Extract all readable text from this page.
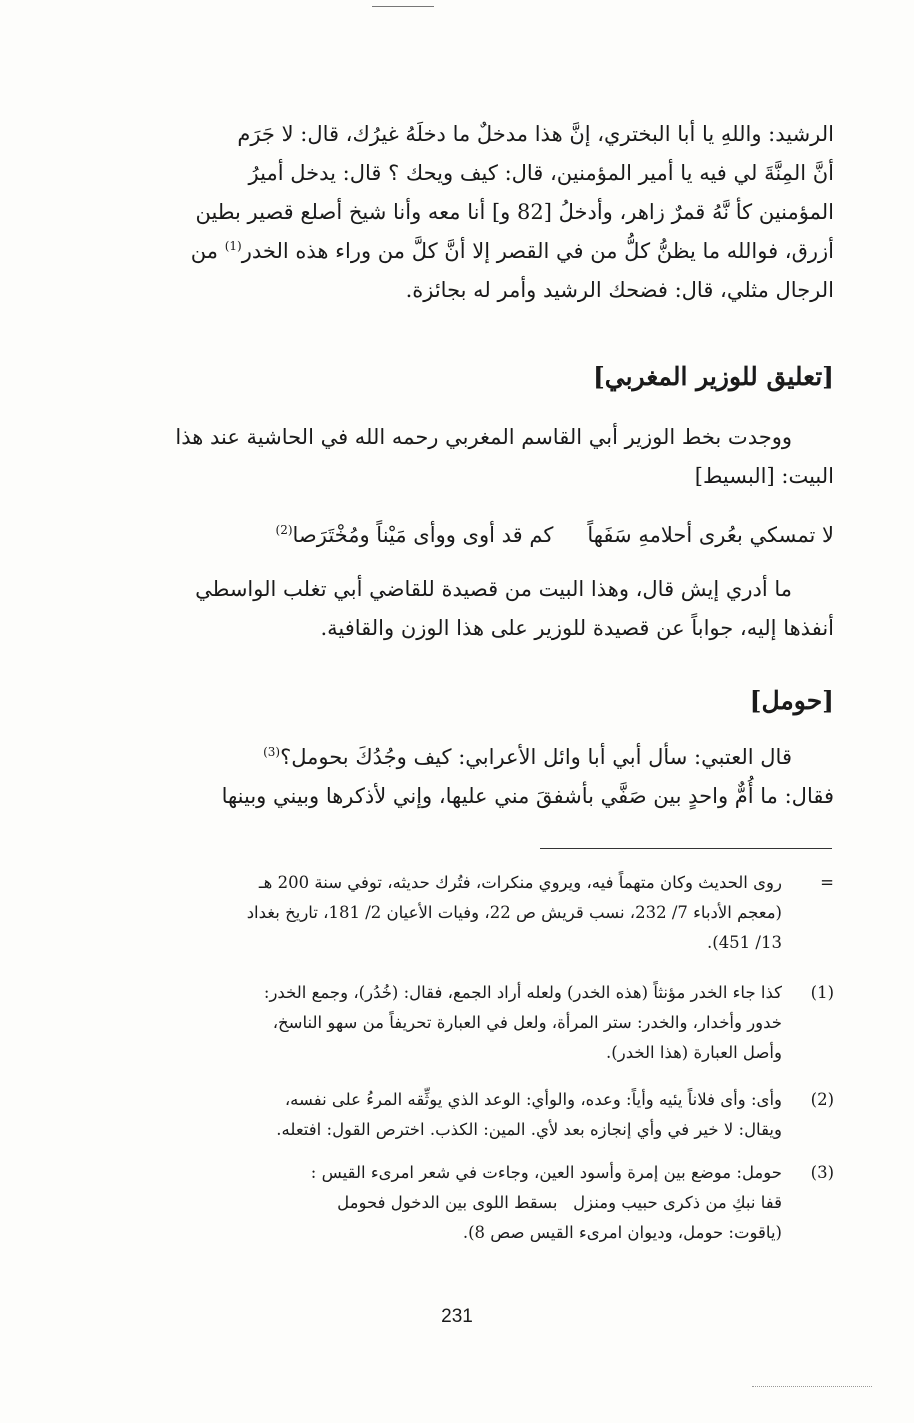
الرشيد: واللهِ يا أبا البختري، إنَّ هذا مدخلٌ ما دخلَهُ غيرُك، قال: لا جَرَم
أنَّ المِنَّةَ لي فيه يا أمير المؤمنين، قال: كيف ويحك ؟ قال: يدخل أميرُ
المؤمنين كأ نَّهُ قمرٌ زاهر، وأدخلُ [82 و] أنا معه وأنا شيخ أصلع قصير بطين
أزرق، فوالله ما يظنُّ كلُّ من في القصر إلا أنَّ كلَّ من وراء هذه الخدر$^{(1)}$ من
الرجال مثلي، قال: فضحك الرشيد وأمر له بجائزة.
[تعليق للوزير المغربي]
ووجدت بخط الوزير أبي القاسم المغربي رحمه الله في الحاشية عند هذا
البيت: [البسيط]
لا تمسكي بعُرى أحلامهِ سَفَهاًكم قد أوى ووأى مَيْناً ومُخْتَرَصا$^{(2)}$
ما أدري إيش قال، وهذا البيت من قصيدة للقاضي أبي تغلب الواسطي
أنفذها إليه، جواباً عن قصيدة للوزير على هذا الوزن والقافية.
[حومل]
قال العتبي: سأل أبي أبا وائل الأعرابي: كيف وجُدُكَ بحومل؟$^{(3)}$
فقال: ما أُمٌّ واحدٍ بين صَفَّي بأشفقَ مني عليها، وإني لأذكرها وبيني وبينها
=
روى الحديث وكان متهماً فيه، ويروي منكرات، فتُرك حديثه، توفي سنة 200 هـ
(معجم الأدباء 7/ 232، نسب قريش ص 22، وفيات الأعيان 2/ 181، تاريخ بغداد
13/ 451).
(1)
كذا جاء الخدر مؤنثاً (هذه الخدر) ولعله أراد الجمع، فقال: (خُدُر)، وجمع الخدر:
خدور وأخدار، والخدر: ستر المرأة، ولعل في العبارة تحريفاً من سهو الناسخ،
وأصل العبارة (هذا الخدر).
(2)
وأى: وأى فلاناً يئيه وأياً: وعده، والوأي: الوعد الذي يوثِّقه المرءُ على نفسه،
ويقال: لا خير في وأي إنجازه بعد لأي. المين: الكذب. اخترص القول: افتعله.
(3)
حومل: موضع بين إمرة وأسود العين، وجاءت في شعر امرىء القيس :
قفا نبكِ من ذكرى حبيب ومنزل   بسقط اللوى بين الدخول فحومل
(ياقوت: حومل، وديوان امرىء القيس صص 8).
231
